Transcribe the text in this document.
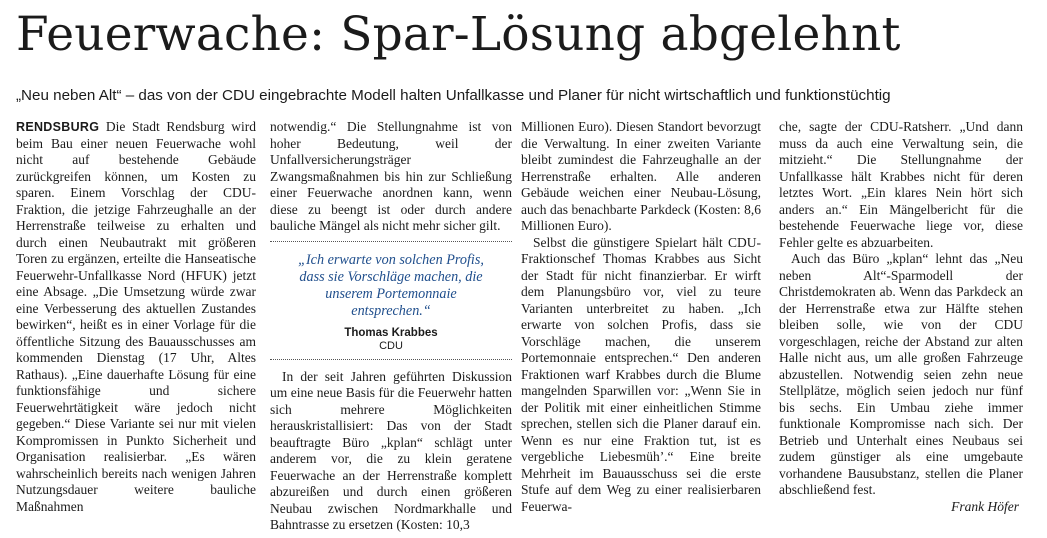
Feuerwache: Spar-Lösung abgelehnt

„Neu neben Alt“ – das von der CDU eingebrachte Modell halten Unfallkasse und Planer für nicht wirtschaftlich und funktionstüchtig

RENDSBURG Die Stadt Rendsburg wird beim Bau einer neuen Feuerwache wohl nicht auf bestehende Gebäude zurückgreifen können, um Kosten zu sparen. Einem Vorschlag der CDU-Fraktion, die jetzige Fahrzeughalle an der Herrenstraße teilweise zu erhalten und durch einen Neubautrakt mit größeren Toren zu ergänzen, erteilte die Hanseatische Feuerwehr-Unfallkasse Nord (HFUK) jetzt eine Absage. „Die Umsetzung würde zwar eine Verbesserung des aktuellen Zustandes bewirken“, heißt es in einer Vorlage für die öffentliche Sitzung des Bauausschusses am kommenden Dienstag (17 Uhr, Altes Rathaus). „Eine dauerhafte Lösung für eine funktionsfähige und sichere Feuerwehrtätigkeit wäre jedoch nicht gegeben.“ Diese Variante sei nur mit vielen Kompromissen in Punkto Sicherheit und Organisation realisierbar. „Es wären wahrscheinlich bereits nach wenigen Jahren Nutzungsdauer weitere bauliche Maßnahmen

notwendig.“ Die Stellungnahme ist von hoher Bedeutung, weil der Unfallversicherungsträger Zwangsmaßnahmen bis hin zur Schließung einer Feuerwache anordnen kann, wenn diese zu beengt ist oder durch andere bauliche Mängel als nicht mehr sicher gilt.

„Ich erwarte von solchen Profis, dass sie Vorschläge machen, die unserem Portemonnaie entsprechen.“
Thomas Krabbes
CDU

In der seit Jahren geführten Diskussion um eine neue Basis für die Feuerwehr hatten sich mehrere Möglichkeiten herauskristallisiert: Das von der Stadt beauftragte Büro „kplan“ schlägt unter anderem vor, die zu klein geratene Feuerwache an der Herrenstraße komplett abzureißen und durch einen größeren Neubau zwischen Nordmarkhalle und Bahntrasse zu ersetzen (Kosten: 10,3

Millionen Euro). Diesen Standort bevorzugt die Verwaltung. In einer zweiten Variante bleibt zumindest die Fahrzeughalle an der Herrenstraße erhalten. Alle anderen Gebäude weichen einer Neubau-Lösung, auch das benachbarte Parkdeck (Kosten: 8,6 Millionen Euro).

Selbst die günstigere Spielart hält CDU-Fraktionschef Thomas Krabbes aus Sicht der Stadt für nicht finanzierbar. Er wirft dem Planungsbüro vor, viel zu teure Varianten unterbreitet zu haben. „Ich erwarte von solchen Profis, dass sie Vorschläge machen, die unserem Portemonnaie entsprechen.“ Den anderen Fraktionen warf Krabbes durch die Blume mangelnden Sparwillen vor: „Wenn Sie in der Politik mit einer einheitlichen Stimme sprechen, stellen sich die Planer darauf ein. Wenn es nur eine Fraktion tut, ist es vergebliche Liebesmüh’.“ Eine breite Mehrheit im Bauausschuss sei die erste Stufe auf dem Weg zu einer realisierbaren Feuerwa-

che, sagte der CDU-Ratsherr. „Und dann muss da auch eine Verwaltung sein, die mitzieht.“ Die Stellungnahme der Unfallkasse hält Krabbes nicht für deren letztes Wort. „Ein klares Nein hört sich anders an.“ Ein Mängelbericht für die bestehende Feuerwache liege vor, diese Fehler gelte es abzuarbeiten.

Auch das Büro „kplan“ lehnt das „Neu neben Alt“-Sparmodell der Christdemokraten ab. Wenn das Parkdeck an der Herrenstraße etwa zur Hälfte stehen bleiben solle, wie von der CDU vorgeschlagen, reiche der Abstand zur alten Halle nicht aus, um alle großen Fahrzeuge abzustellen. Notwendig seien zehn neue Stellplätze, möglich seien jedoch nur fünf bis sechs. Ein Umbau ziehe immer funktionale Kompromisse nach sich. Der Betrieb und Unterhalt eines Neubaus sei zudem günstiger als eine umgebaute vorhandene Bausubstanz, stellen die Planer abschließend fest.

Frank Höfer
